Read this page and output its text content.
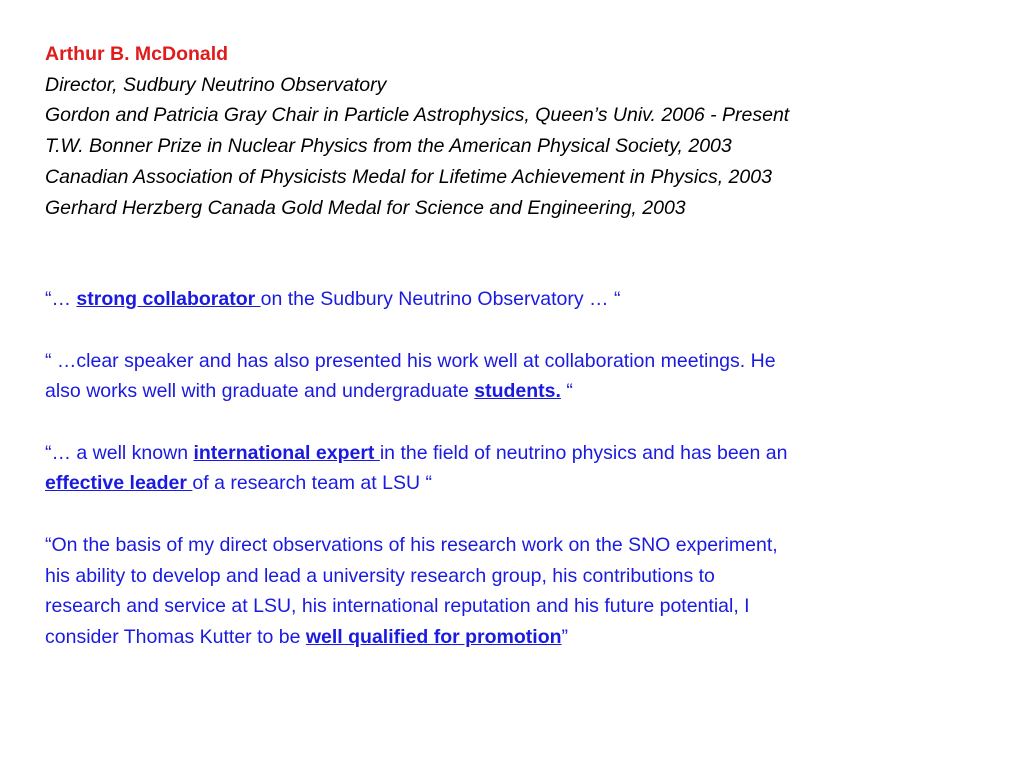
Arthur B. McDonald
Director, Sudbury Neutrino Observatory
Gordon and Patricia Gray Chair in Particle Astrophysics, Queen’s Univ. 2006 - Present
T.W. Bonner Prize in Nuclear Physics from the American Physical Society, 2003
Canadian Association of Physicists Medal for Lifetime Achievement in Physics, 2003
Gerhard Herzberg Canada Gold Medal for Science and Engineering, 2003
“… strong collaborator on the Sudbury Neutrino Observatory … “
“ …clear speaker and has also presented his work well at collaboration meetings. He
also works well with graduate and undergraduate students. “
“… a well known international expert in the field of neutrino physics and has been an
effective leader of a research team at LSU “
“On the basis of my direct observations of his research work on the SNO experiment,
his ability to develop and lead a university research group, his contributions to
research and service at LSU, his international reputation and his future potential, I
consider Thomas Kutter to be well qualified for promotion”
